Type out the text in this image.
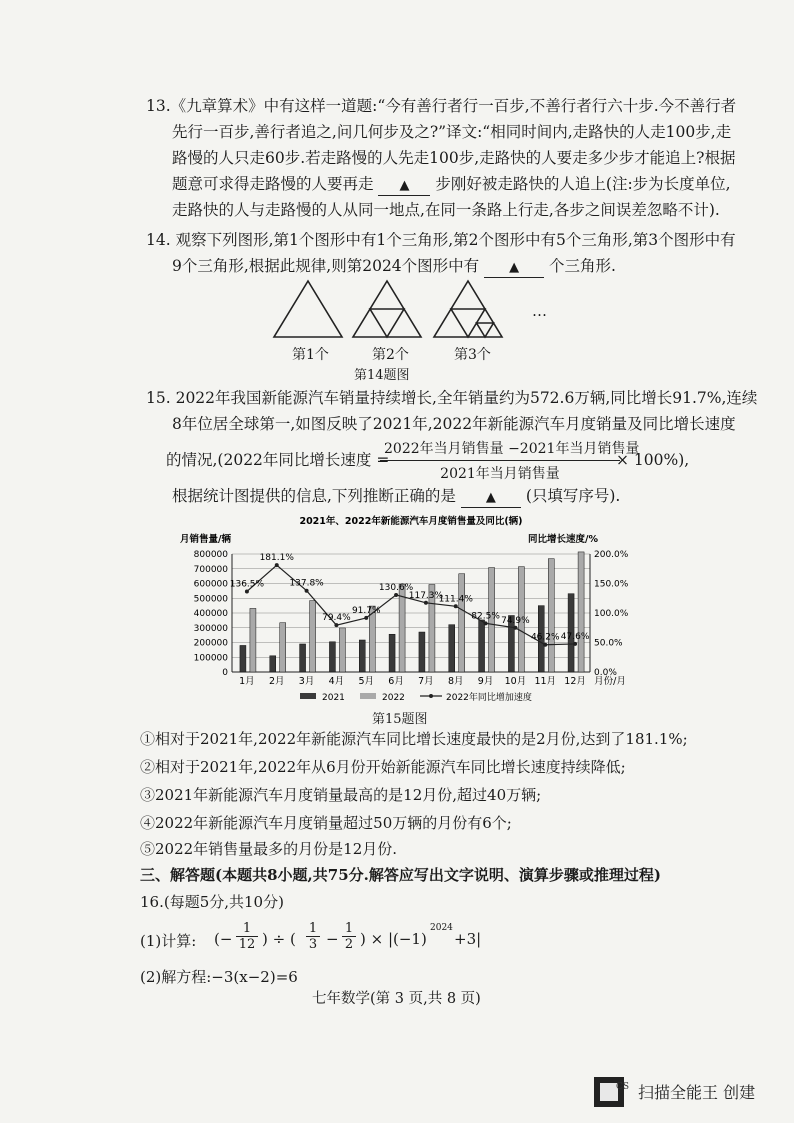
13.《九章算术》中有这样一道题:“今有善行者行一百步,不善行者行六十步.今不善行者
先行一百步,善行者追之,问几何步及之?”译文:“相同时间内,走路快的人走100步,走
路慢的人只走60步.若走路慢的人先走100步,走路快的人要走多少步才能追上?根据
题意可求得走路慢的人要再走 ▲ 步刚好被走路快的人追上(注:步为长度单位,
走路快的人与走路慢的人从同一地点,在同一条路上行走,各步之间误差忽略不计).
14. 观察下列图形,第1个图形中有1个三角形,第2个图形中有5个三角形,第3个图形中有
9个三角形,根据此规律,则第2024个图形中有 ▲ 个三角形.
…
第1个	第2个	第3个
第14题图
15. 2022年我国新能源汽车销量持续增长,全年销量约为572.6万辆,同比增长91.7%,连续
8年位居全球第一,如图反映了2021年,2022年新能源汽车月度销量及同比增长速度
的情况,(2022年同比增长速度 =
2022年当月销售量 −2021年当月销售量
2021年当月销售量
× 100%),
根据统计图提供的信息,下列推断正确的是 ▲ (只填写序号).
2021年、2022年新能源汽车月度销售量及同比(辆)
月销售量/辆	同比增长速度/%
0
100000
200000
300000
400000
500000
600000
700000
800000
0.0%
50.0%
100.0%
150.0%
200.0%
1月 2月 3月 4月 5月 6月 7月 8月 9月 10月 11月 12月 月份/月
136.5%
181.1%
137.8%
79.4%
91.7%
130.6%
117.3%
111.4%
82.5% 74.9%
46.2% 47.6%
2021	2022	2022年同比增加速度
第15题图
①相对于2021年,2022年新能源汽车同比增长速度最快的是2月份,达到了181.1%;
②相对于2021年,2022年从6月份开始新能源汽车同比增长速度持续降低;
③2021年新能源汽车月度销量最高的是12月份,超过40万辆;
④2022年新能源汽车月度销量超过50万辆的月份有6个;
⑤2022年销售量最多的月份是12月份.
三、解答题(本题共8小题,共75分.解答应写出文字说明、演算步骤或推理过程)
16.(每题5分,共10分)
(1)计算: (− $\frac{1}{12}$ ) ÷ ( $\frac{1}{3} - \frac{1}{2}$ ) × |(−1)
2024
+3|
(2)解方程:−3(x−2)=6
七年数学(第 3 页,共 8 页)
CS 扫描全能王 创建
